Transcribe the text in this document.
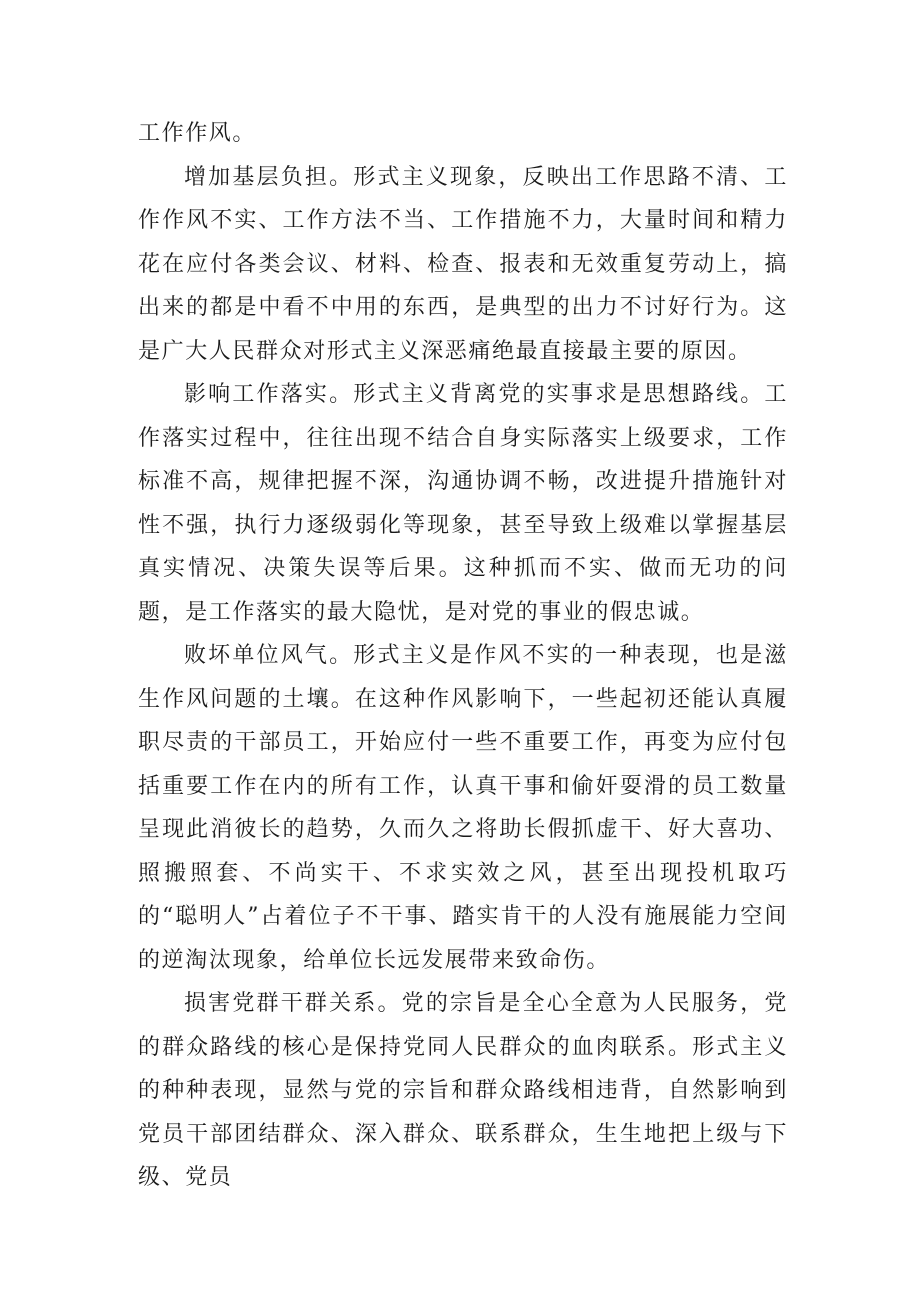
工作作风。

增加基层负担。形式主义现象，反映出工作思路不清、工作作风不实、工作方法不当、工作措施不力，大量时间和精力花在应付各类会议、材料、检查、报表和无效重复劳动上，搞出来的都是中看不中用的东西，是典型的出力不讨好行为。这是广大人民群众对形式主义深恶痛绝最直接最主要的原因。

影响工作落实。形式主义背离党的实事求是思想路线。工作落实过程中，往往出现不结合自身实际落实上级要求，工作标准不高，规律把握不深，沟通协调不畅，改进提升措施针对性不强，执行力逐级弱化等现象，甚至导致上级难以掌握基层真实情况、决策失误等后果。这种抓而不实、做而无功的问题，是工作落实的最大隐忧，是对党的事业的假忠诚。

败坏单位风气。形式主义是作风不实的一种表现，也是滋生作风问题的土壤。在这种作风影响下，一些起初还能认真履职尽责的干部员工，开始应付一些不重要工作，再变为应付包括重要工作在内的所有工作，认真干事和偷奸耍滑的员工数量呈现此消彼长的趋势，久而久之将助长假抓虚干、好大喜功、照搬照套、不尚实干、不求实效之风，甚至出现投机取巧的“聪明人”占着位子不干事、踏实肯干的人没有施展能力空间的逆淘汰现象，给单位长远发展带来致命伤。

损害党群干群关系。党的宗旨是全心全意为人民服务，党的群众路线的核心是保持党同人民群众的血肉联系。形式主义的种种表现，显然与党的宗旨和群众路线相违背，自然影响到党员干部团结群众、深入群众、联系群众，生生地把上级与下级、党员
